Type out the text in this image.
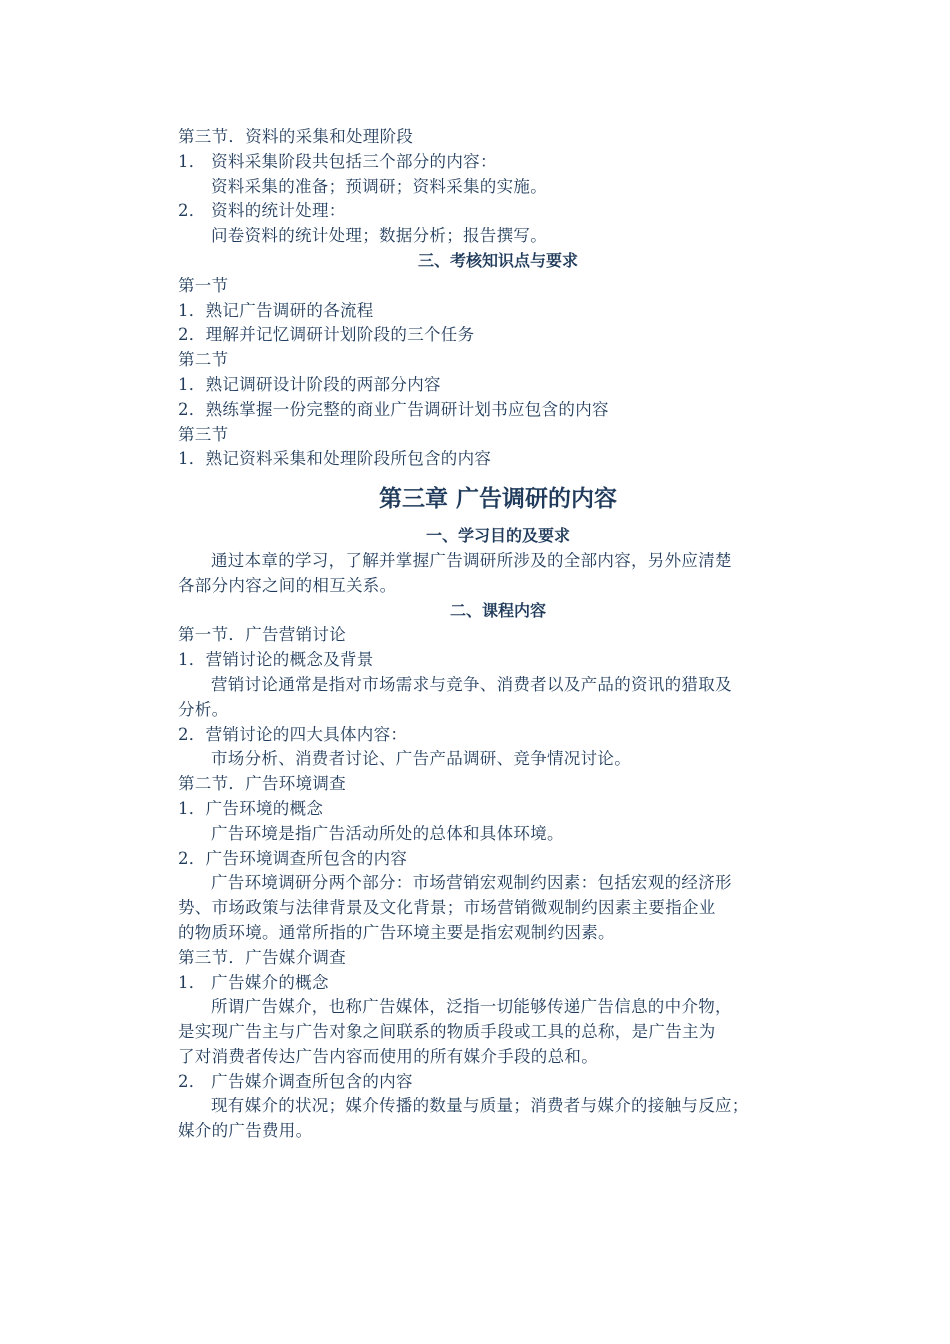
第三节．资料的采集和处理阶段
1． 资料采集阶段共包括三个部分的内容：
资料采集的准备；预调研；资料采集的实施。
2． 资料的统计处理：
问卷资料的统计处理；数据分析；报告撰写。
三、考核知识点与要求
第一节
1．熟记广告调研的各流程
2．理解并记忆调研计划阶段的三个任务
第二节
1．熟记调研设计阶段的两部分内容
2．熟练掌握一份完整的商业广告调研计划书应包含的内容
第三节
1．熟记资料采集和处理阶段所包含的内容
第三章 广告调研的内容
一、学习目的及要求
通过本章的学习，了解并掌握广告调研所涉及的全部内容，另外应清楚
各部分内容之间的相互关系。
二、课程内容
第一节．广告营销讨论
1．营销讨论的概念及背景
营销讨论通常是指对市场需求与竞争、消费者以及产品的资讯的猎取及
分析。
2．营销讨论的四大具体内容：
市场分析、消费者讨论、广告产品调研、竞争情况讨论。
第二节．广告环境调查
1．广告环境的概念
广告环境是指广告活动所处的总体和具体环境。
2．广告环境调查所包含的内容
广告环境调研分两个部分：市场营销宏观制约因素：包括宏观的经济形
势、市场政策与法律背景及文化背景；市场营销微观制约因素主要指企业
的物质环境。通常所指的广告环境主要是指宏观制约因素。
第三节．广告媒介调查
1． 广告媒介的概念
所谓广告媒介，也称广告媒体，泛指一切能够传递广告信息的中介物，
是实现广告主与广告对象之间联系的物质手段或工具的总称，是广告主为
了对消费者传达广告内容而使用的所有媒介手段的总和。
2． 广告媒介调查所包含的内容
现有媒介的状况；媒介传播的数量与质量；消费者与媒介的接触与反应；
媒介的广告费用。
